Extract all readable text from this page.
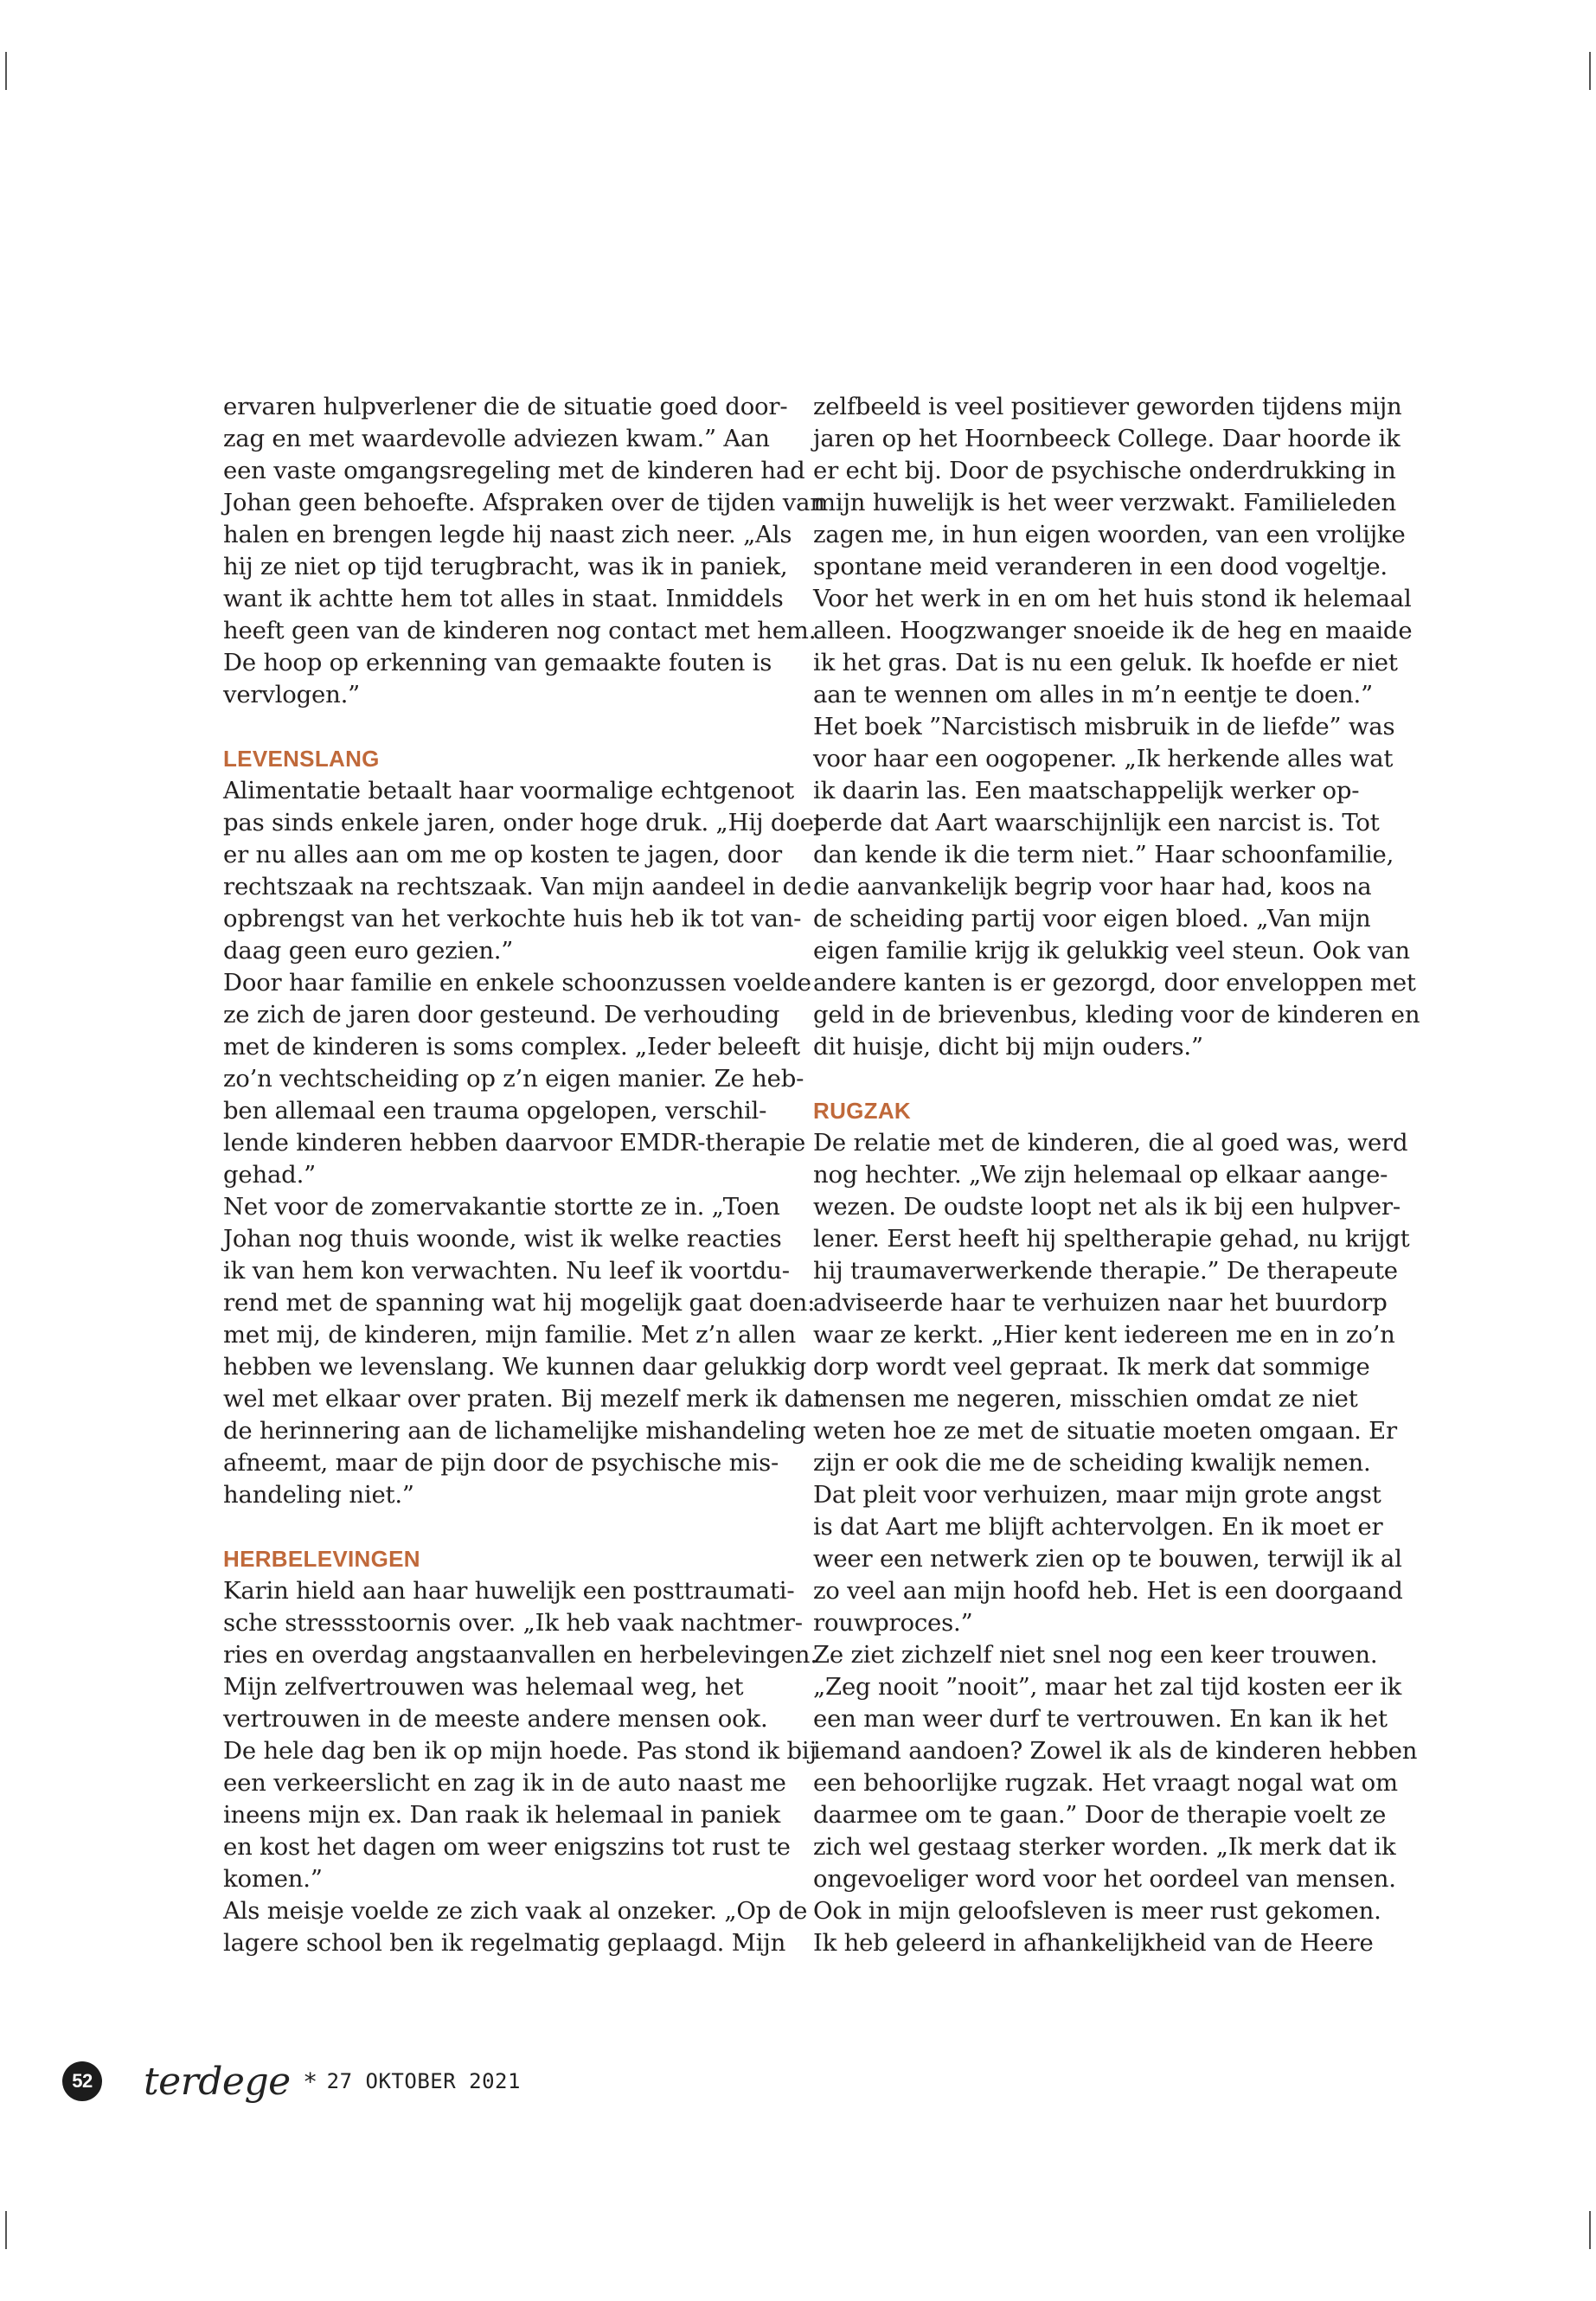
ervaren hulpverlener die de situatie goed door-
zag en met waardevolle adviezen kwam.” Aan
een vaste omgangsregeling met de kinderen had
Johan geen behoefte. Afspraken over de tijden van
halen en brengen legde hij naast zich neer. „Als
hij ze niet op tijd terugbracht, was ik in paniek,
want ik achtte hem tot alles in staat. Inmiddels
heeft geen van de kinderen nog contact met hem.
De hoop op erkenning van gemaakte fouten is
vervlogen.”
LEVENSLANG
Alimentatie betaalt haar voormalige echtgenoot
pas sinds enkele jaren, onder hoge druk. „Hij doet
er nu alles aan om me op kosten te jagen, door
rechtszaak na rechtszaak. Van mijn aandeel in de
opbrengst van het verkochte huis heb ik tot van-
daag geen euro gezien.”
Door haar familie en enkele schoonzussen voelde
ze zich de jaren door gesteund. De verhouding
met de kinderen is soms complex. „Ieder beleeft
zo’n vechtscheiding op z’n eigen manier. Ze heb-
ben allemaal een trauma opgelopen, verschil-
lende kinderen hebben daarvoor EMDR-therapie
gehad.”
Net voor de zomervakantie stortte ze in. „Toen
Johan nog thuis woonde, wist ik welke reacties
ik van hem kon verwachten. Nu leef ik voortdu-
rend met de spanning wat hij mogelijk gaat doen:
met mij, de kinderen, mijn familie. Met z’n allen
hebben we levenslang. We kunnen daar gelukkig
wel met elkaar over praten. Bij mezelf merk ik dat
de herinnering aan de lichamelijke mishandeling
afneemt, maar de pijn door de psychische mis-
handeling niet.”
HERBELEVINGEN
Karin hield aan haar huwelijk een posttraumati-
sche stressstoornis over. „Ik heb vaak nachtmer-
ries en overdag angstaanvallen en herbelevingen.
Mijn zelfvertrouwen was helemaal weg, het
vertrouwen in de meeste andere mensen ook.
De hele dag ben ik op mijn hoede. Pas stond ik bij
een verkeerslicht en zag ik in de auto naast me
ineens mijn ex. Dan raak ik helemaal in paniek
en kost het dagen om weer enigszins tot rust te
komen.”
Als meisje voelde ze zich vaak al onzeker. „Op de
lagere school ben ik regelmatig geplaagd. Mijn
zelfbeeld is veel positiever geworden tijdens mijn
jaren op het Hoornbeeck College. Daar hoorde ik
er echt bij. Door de psychische onderdrukking in
mijn huwelijk is het weer verzwakt. Familieleden
zagen me, in hun eigen woorden, van een vrolijke
spontane meid veranderen in een dood vogeltje.
Voor het werk in en om het huis stond ik helemaal
alleen. Hoogzwanger snoeide ik de heg en maaide
ik het gras. Dat is nu een geluk. Ik hoefde er niet
aan te wennen om alles in m’n eentje te doen.”
Het boek ”Narcistisch misbruik in de liefde” was
voor haar een oogopener. „Ik herkende alles wat
ik daarin las. Een maatschappelijk werker op-
perde dat Aart waarschijnlijk een narcist is. Tot
dan kende ik die term niet.” Haar schoonfamilie,
die aanvankelijk begrip voor haar had, koos na
de scheiding partij voor eigen bloed. „Van mijn
eigen familie krijg ik gelukkig veel steun. Ook van
andere kanten is er gezorgd, door enveloppen met
geld in de brievenbus, kleding voor de kinderen en
dit huisje, dicht bij mijn ouders.”
RUGZAK
De relatie met de kinderen, die al goed was, werd
nog hechter. „We zijn helemaal op elkaar aange-
wezen. De oudste loopt net als ik bij een hulpver-
lener. Eerst heeft hij speltherapie gehad, nu krijgt
hij traumaverwerkende therapie.” De therapeute
adviseerde haar te verhuizen naar het buurdorp
waar ze kerkt. „Hier kent iedereen me en in zo’n
dorp wordt veel gepraat. Ik merk dat sommige
mensen me negeren, misschien omdat ze niet
weten hoe ze met de situatie moeten omgaan. Er
zijn er ook die me de scheiding kwalijk nemen.
Dat pleit voor verhuizen, maar mijn grote angst
is dat Aart me blijft achtervolgen. En ik moet er
weer een netwerk zien op te bouwen, terwijl ik al
zo veel aan mijn hoofd heb. Het is een doorgaand
rouwproces.”
Ze ziet zichzelf niet snel nog een keer trouwen.
„Zeg nooit ”nooit”, maar het zal tijd kosten eer ik
een man weer durf te vertrouwen. En kan ik het
iemand aandoen? Zowel ik als de kinderen hebben
een behoorlijke rugzak. Het vraagt nogal wat om
daarmee om te gaan.” Door de therapie voelt ze
zich wel gestaag sterker worden. „Ik merk dat ik
ongevoeliger word voor het oordeel van mensen.
Ook in mijn geloofsleven is meer rust gekomen.
Ik heb geleerd in afhankelijkheid van de Heere
52 terdege * 27 OKTOBER 2021
